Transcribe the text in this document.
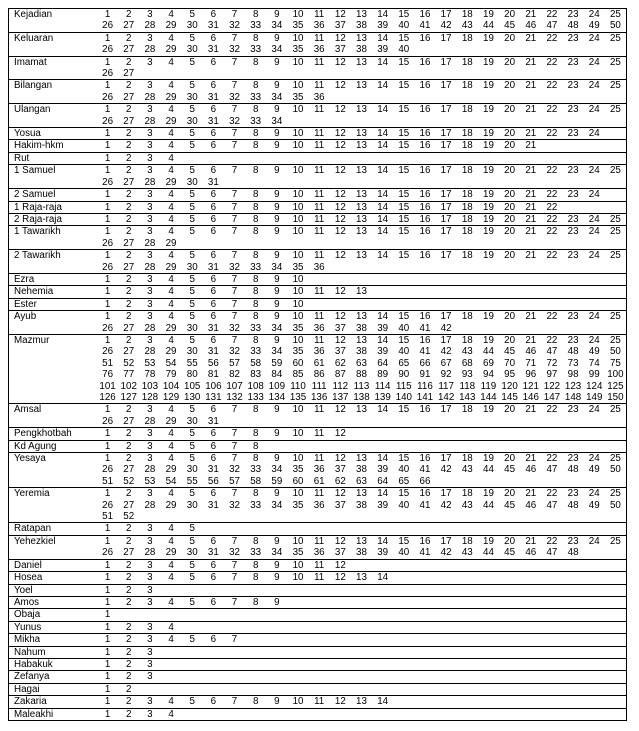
Kejadian	1	2	3	4	5	6	7	8	9	10	11	12	13	14	15	16	17	18	19	20	21	22	23	24	25
26	27	28	29	30	31	32	33	34	35	36	37	38	39	40	41	42	43	44	45	46	47	48	49	50
Keluaran	1	2	3	4	5	6	7	8	9	10	11	12	13	14	15	16	17	18	19	20	21	22	23	24	25
26	27	28	29	30	31	32	33	34	35	36	37	38	39	40
Imamat	1	2	3	4	5	6	7	8	9	10	11	12	13	14	15	16	17	18	19	20	21	22	23	24	25
26	27
Bilangan	1	2	3	4	5	6	7	8	9	10	11	12	13	14	15	16	17	18	19	20	21	22	23	24	25
26	27	28	29	30	31	32	33	34	35	36
Ulangan	1	2	3	4	5	6	7	8	9	10	11	12	13	14	15	16	17	18	19	20	21	22	23	24	25
26	27	28	29	30	31	32	33	34
Yosua	1	2	3	4	5	6	7	8	9	10	11	12	13	14	15	16	17	18	19	20	21	22	23	24
Hakim-hkm	1	2	3	4	5	6	7	8	9	10	11	12	13	14	15	16	17	18	19	20	21
Rut	1	2	3	4
1 Samuel	1	2	3	4	5	6	7	8	9	10	11	12	13	14	15	16	17	18	19	20	21	22	23	24	25
26	27	28	29	30	31
2 Samuel	1	2	3	4	5	6	7	8	9	10	11	12	13	14	15	16	17	18	19	20	21	22	23	24
1 Raja-raja	1	2	3	4	5	6	7	8	9	10	11	12	13	14	15	16	17	18	19	20	21	22
2 Raja-raja	1	2	3	4	5	6	7	8	9	10	11	12	13	14	15	16	17	18	19	20	21	22	23	24	25
1 Tawarikh	1	2	3	4	5	6	7	8	9	10	11	12	13	14	15	16	17	18	19	20	21	22	23	24	25
26	27	28	29
2 Tawarikh	1	2	3	4	5	6	7	8	9	10	11	12	13	14	15	16	17	18	19	20	21	22	23	24	25
26	27	28	29	30	31	32	33	34	35	36
Ezra	1	2	3	4	5	6	7	8	9	10
Nehemia	1	2	3	4	5	6	7	8	9	10	11	12	13
Ester	1	2	3	4	5	6	7	8	9	10
Ayub	1	2	3	4	5	6	7	8	9	10	11	12	13	14	15	16	17	18	19	20	21	22	23	24	25
26	27	28	29	30	31	32	33	34	35	36	37	38	39	40	41	42
Mazmur	1	2	3	4	5	6	7	8	9	10	11	12	13	14	15	16	17	18	19	20	21	22	23	24	25
26	27	28	29	30	31	32	33	34	35	36	37	38	39	40	41	42	43	44	45	46	47	48	49	50
51	52	53	54	55	56	57	58	59	60	61	62	63	64	65	66	67	68	69	70	71	72	73	74	75
76	77	78	79	80	81	82	83	84	85	86	87	88	89	90	91	92	93	94	95	96	97	98	99 100
101 102 103 104 105 106 107 108 109 110 111 112 113 114 115 116 117 118 119 120 121 122 123 124 125
126 127 128 129 130 131 132 133 134 135 136 137 138 139 140 141 142 143 144 145 146 147 148 149 150
Amsal	1	2	3	4	5	6	7	8	9	10	11	12	13	14	15	16	17	18	19	20	21	22	23	24	25
26	27	28	29	30	31
Pengkhotbah	1	2	3	4	5	6	7	8	9	10	11	12
Kd Agung	1	2	3	4	5	6	7	8
Yesaya	1	2	3	4	5	6	7	8	9	10	11	12	13	14	15	16	17	18	19	20	21	22	23	24	25
26	27	28	29	30	31	32	33	34	35	36	37	38	39	40	41	42	43	44	45	46	47	48	49	50
51	52	53	54	55	56	57	58	59	60	61	62	63	64	65	66
Yeremia	1	2	3	4	5	6	7	8	9	10	11	12	13	14	15	16	17	18	19	20	21	22	23	24	25
26	27	28	29	30	31	32	33	34	35	36	37	38	39	40	41	42	43	44	45	46	47	48	49	50
51	52
Ratapan	1	2	3	4	5
Yehezkiel	1	2	3	4	5	6	7	8	9	10	11	12	13	14	15	16	17	18	19	20	21	22	23	24	25
26	27	28	29	30	31	32	33	34	35	36	37	38	39	40	41	42	43	44	45	46	47	48
Daniel	1	2	3	4	5	6	7	8	9	10	11	12
Hosea	1	2	3	4	5	6	7	8	9	10	11	12	13	14
Yoel	1	2	3
Amos	1	2	3	4	5	6	7	8	9
Obaja	1
Yunus	1	2	3	4
Mikha	1	2	3	4	5	6	7
Nahum	1	2	3
Habakuk	1	2	3
Zefanya	1	2	3
Hagai	1	2
Zakaria	1	2	3	4	5	6	7	8	9	10	11	12	13	14
Maleakhi	1	2	3	4
